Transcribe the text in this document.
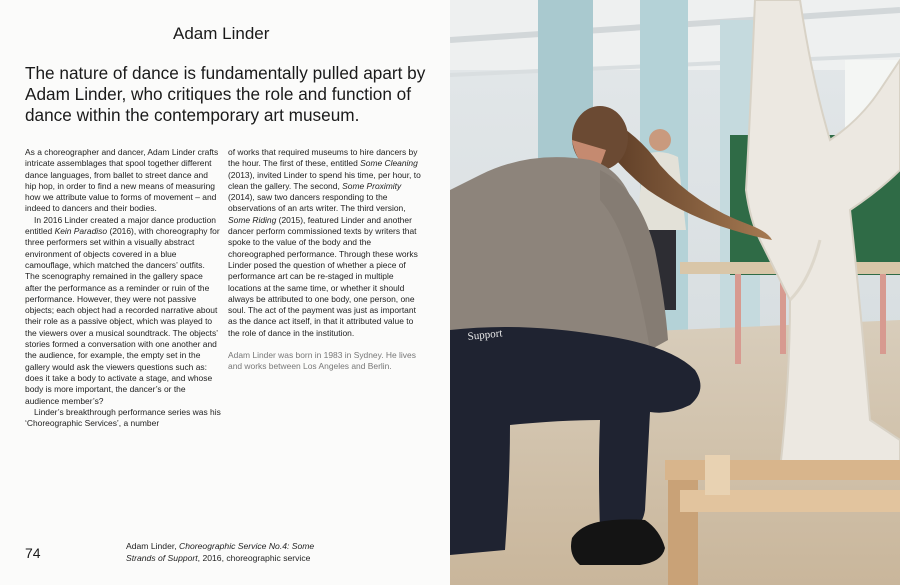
Adam Linder
The nature of dance is fundamentally pulled apart by Adam Linder, who critiques the role and function of dance within the contemporary art museum.

As a choreographer and dancer, Adam Linder crafts intricate assemblages that spool together different dance languages, from ballet to street dance and hip hop, in order to find a new means of measuring how we attribute value to forms of movement – and indeed to dancers and their bodies.

In 2016 Linder created a major dance production entitled Kein Paradiso (2016), with choreography for three performers set within a visually abstract environment of objects covered in a blue camouflage, which matched the dancers’ outfits. The scenography remained in the gallery space after the performance as a reminder or ruin of the performance. However, they were not passive objects; each object had a recorded narrative about their role as a passive object, which was played to the viewers over a musical soundtrack. The objects’ stories formed a conversation with one another and the audience, for example, the empty set in the gallery would ask the viewers questions such as: does it take a body to activate a stage, and whose body is more important, the dancer’s or the audience member’s?

Linder’s breakthrough performance series was his ‘Choreographic Services’, a number

of works that required museums to hire dancers by the hour. The first of these, entitled Some Cleaning (2013), invited Linder to spend his time, per hour, to clean the gallery. The second, Some Proximity (2014), saw two dancers responding to the observations of an arts writer. The third version, Some Riding (2015), featured Linder and another dancer perform commissioned texts by writers that spoke to the value of the body and the choreographed performance. Through these works Linder posed the question of whether a piece of performance art can be re-staged in multiple locations at the same time, or whether it should always be attributed to one body, one person, one soul. The act of the payment was just as important as the dance act itself, in that it attributed value to the role of dance in the institution.

Adam Linder was born in 1983 in Sydney. He lives and works between Los Angeles and Berlin.

74	Adam Linder, Choreographic Service No.4: Some Strands of Support, 2016, choreographic service
Support
